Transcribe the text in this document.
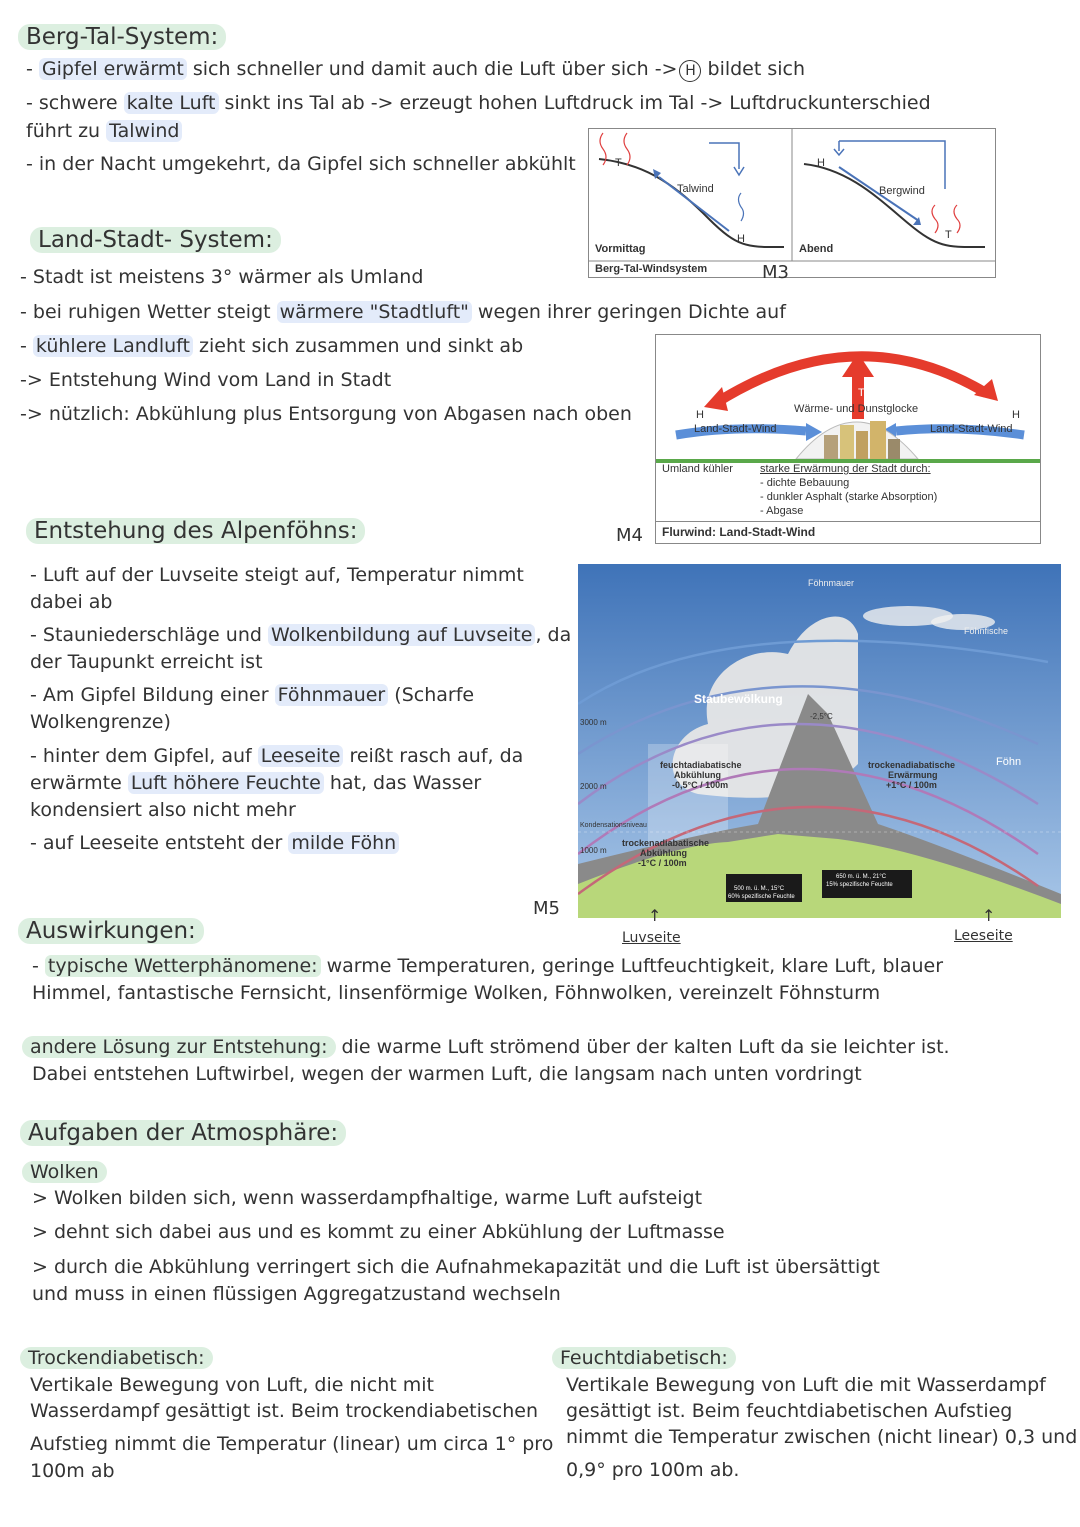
Berg-Tal-System:
- Gipfel erwärmt sich schneller und damit auch die Luft über sich -> H bildet sich
- schwere kalte Luft sinkt ins Tal ab -> erzeugt hohen Luftdruck im Tal -> Luftdruckunterschied
führt zu Talwind
- in der Nacht umgekehrt, da Gipfel sich schneller abkühlt	T
Talwind
H
Vormittag
H
Bergwind
T
Abend
Berg-Tal-Windsystem	M3
Land-Stadt- System:
- Stadt ist meistens 3° wärmer als Umland
- bei ruhigen Wetter steigt wärmere "Stadtluft" wegen ihrer geringen Dichte auf
- kühlere Landluft zieht sich zusammen und sinkt ab
-> Entstehung Wind vom Land in Stadt
-> nützlich: Abkühlung plus Entsorgung von Abgasen nach oben	H	H
T
Wärme- und Dunstglocke
Land-Stadt-Wind	Land-Stadt-Wind
Umland kühler starke Erwärmung der Stadt durch:
- dichte Bebauung
- dunkler Asphalt (starke Absorption)
- Abgase
Flurwind: Land-Stadt-Wind
M4
Entstehung des Alpenföhns:
- Luft auf der Luvseite steigt auf, Temperatur nimmt
dabei ab
- Stauniederschläge und Wolkenbildung auf Luvseite , da
der Taupunkt erreicht ist
- Am Gipfel Bildung einer Föhnmauer (Scharfe
Wolkengrenze)
- hinter dem Gipfel, auf Leeseite reißt rasch auf, da
erwärmte Luft höhere Feuchte hat, das Wasser
kondensiert also nicht mehr
- auf Leeseite entsteht der milde Föhn
Föhnmauer
Föhnfische
Staubewölkung
3000 m
2000 m
Kondensationsniveau
1000 m
-2,5°C
feuchtadiabatische
Abkühlung
-0,5°C / 100m
trockenadiabatische
Abkühlung
-1°C / 100m
trockenadiabatische
Erwärmung
+1°C / 100m
Föhn
500 m. ü. M., 15°C
60% spezifische Feuchte
650 m. ü. M., 21°C
15% spezifische Feuchte
M5	↑
Luvseite
↑
Leeseite
Auswirkungen:
- typische Wetterphänomene: warme Temperaturen, geringe Luftfeuchtigkeit, klare Luft, blauer
Himmel, fantastische Fernsicht, linsenförmige Wolken, Föhnwolken, vereinzelt Föhnsturm
andere Lösung zur Entstehung: die warme Luft strömend über der kalten Luft da sie leichter ist.
Dabei entstehen Luftwirbel, wegen der warmen Luft, die langsam nach unten vordringt
Aufgaben der Atmosphäre:
Wolken
> Wolken bilden sich, wenn wasserdampfhaltige, warme Luft aufsteigt
> dehnt sich dabei aus und es kommt zu einer Abkühlung der Luftmasse
> durch die Abkühlung verringert sich die Aufnahmekapazität und die Luft ist übersättigt
und muss in einen flüssigen Aggregatzustand wechseln
Trockendiabetisch:
Vertikale Bewegung von Luft, die nicht mit
Wasserdampf gesättigt ist. Beim trockendiabetischen
Aufstieg nimmt die Temperatur (linear) um circa 1° pro
100m ab
Feuchtdiabetisch:
Vertikale Bewegung von Luft die mit Wasserdampf
gesättigt ist. Beim feuchtdiabetischen Aufstieg
nimmt die Temperatur zwischen (nicht linear) 0,3 und
0,9° pro 100m ab.
